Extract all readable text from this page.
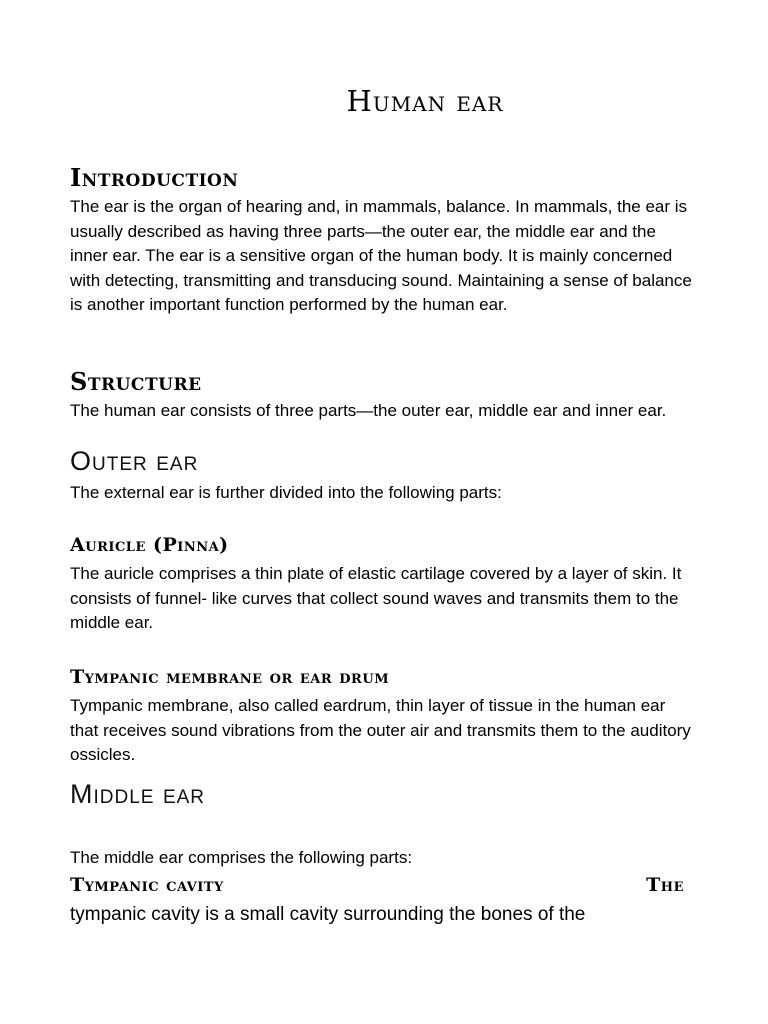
Human ear
Introduction

The ear is the organ of hearing and, in mammals, balance. In mammals, the ear is usually described as having three parts—the outer ear, the middle ear and the inner ear. The ear is a sensitive organ of the human body. It is mainly concerned with detecting, transmitting and transducing sound. Maintaining a sense of balance is another important function performed by the human ear.

Structure

The human ear consists of three parts—the outer ear, middle ear and inner ear.

Outer ear

The external ear is further divided into the following parts:

Auricle (Pinna)

The auricle comprises a thin plate of elastic cartilage covered by a layer of skin. It consists of funnel- like curves that collect sound waves and transmits them to the middle ear.

Tympanic membrane or ear drum

Tympanic membrane, also called eardrum, thin layer of tissue in the human ear that receives sound vibrations from the outer air and transmits them to the auditory ossicles.

Middle ear

The middle ear comprises the following parts:

Tympanic cavity	The

tympanic cavity is a small cavity surrounding the bones of the
